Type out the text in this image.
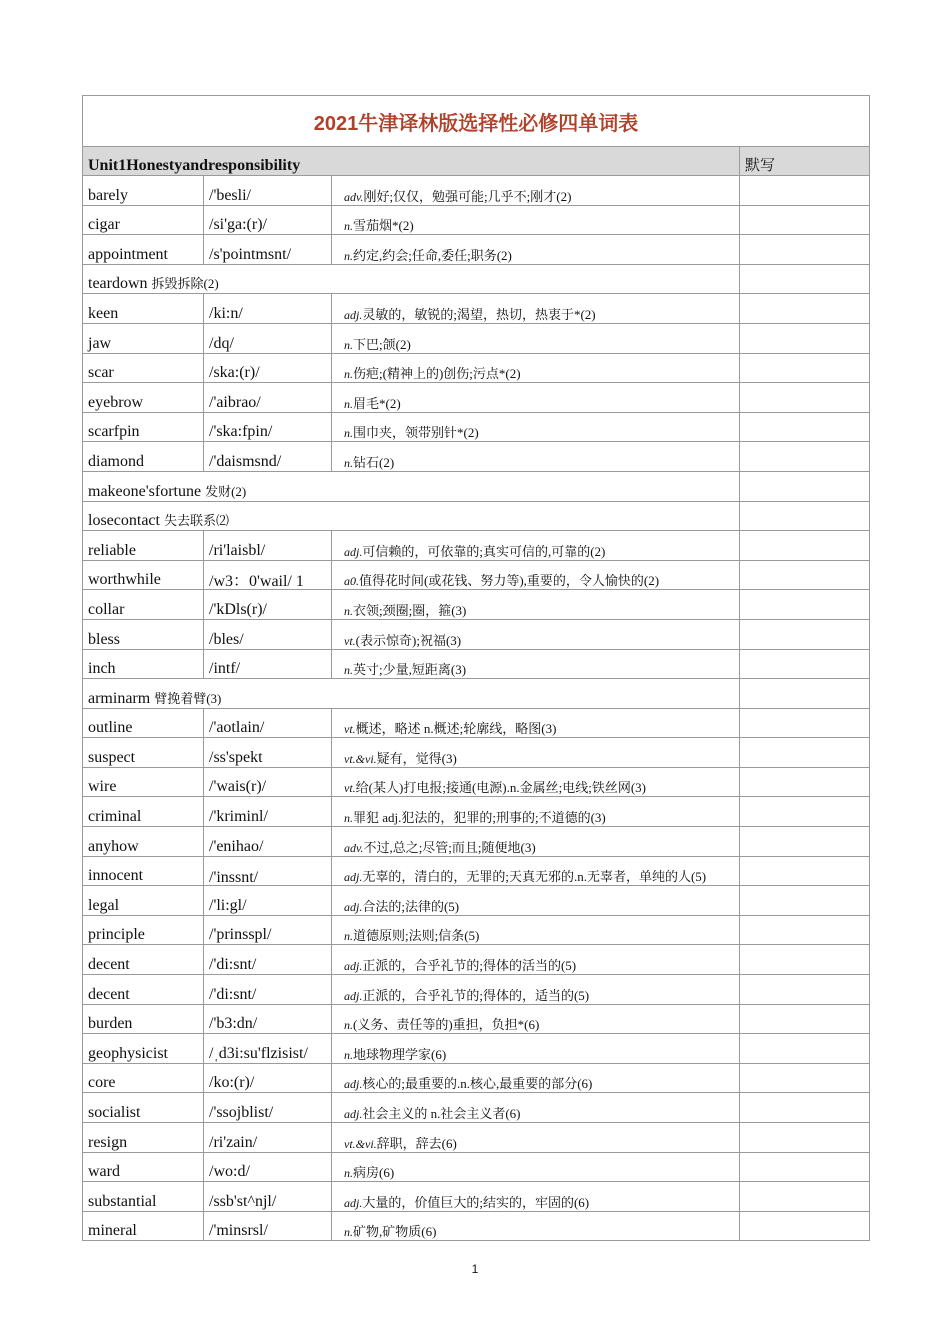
2021牛津译林版选择性必修四单词表			
Unit1Honestyandresponsibility			默写
barely	/'besli/	adv.刚好;仅仅，勉强可能;几乎不;刚才(2)	
cigar	/si'ga:(r)/	n.雪茄烟*(2)	
appointment	/s'pointmsnt/	n.约定,约会;任命,委任;职务(2)	
teardown 拆毁拆除(2)			
keen	/ki:n/	adj.灵敏的，敏锐的;渴望，热切，热衷于*(2)	
jaw	/dq/	n.下巴;颌(2)	
scar	/ska:(r)/	n.伤疤;(精神上的)创伤;污点*(2)	
eyebrow	/'aibrao/	n.眉毛*(2)	
scarfpin	/'ska:fpin/	n.围巾夹，领带别针*(2)	
diamond	/'daismsnd/	n.钻石(2)	
makeone'sfortune 发财(2)			
losecontact 失去联系⑵			
reliable	/ri'laisbl/	adj.可信赖的，可依靠的;真实可信的,可靠的(2)	
worthwhile	/w3：0'wail/ 1	a0.值得花时间(或花钱、努力等),重要的，令人愉快的(2)	

collar	/'kDls(r)/	n.衣领;颈圈;圈，箍(3)	
bless	/bles/	vt.(表示惊奇);祝福(3)	
inch	/intf/	n.英寸;少量,短距离(3)	
arminarm 臂挽着臂(3)			
outline	/'aotlain/	vt.概述，略述 n.概述;轮廓线，略图(3)	
suspect	/ss'spekt	vt.&vi.疑有，觉得(3)	
wire	/'wais(r)/	vt.给(某人)打电报;接通(电源).n.金属丝;电线;铁丝网(3)	
criminal	/'kriminl/	n.罪犯 adj.犯法的，犯罪的;刑事的;不道德的(3)	
anyhow	/'enihao/	adv.不过,总之;尽管;而且;随便地(3)	
innocent	/'inssnt/	adj.无辜的，清白的，无罪的;天真无邪的.n.无辜者，单纯的人(5)	

legal	/'li:gl/	adj.合法的;法律的(5)	
principle	/'prinsspl/	n.道德原则;法则;信条(5)	
decent	/'di:snt/	adj.正派的，合乎礼节的;得体的活当的(5)	
decent	/'di:snt/	adj.正派的，合乎礼节的;得体的，适当的(5)	
burden	/'b3:dn/	n.(义务、责任等的)重担，负担*(6)	
geophysicist	/ˌd3i:su'flzisist/	n.地球物理学家(6)	
core	/ko:(r)/	adj.核心的;最重要的.n.核心,最重要的部分(6)	
socialist	/'ssojblist/	adj.社会主义的 n.社会主义者(6)	
resign	/ri'zain/	vt.&vi.辞职，辞去(6)	
ward	/wo:d/	n.病房(6)	
substantial	/ssb'st^njl/	adj.大量的，价值巨大的;结实的，牢固的(6)	
mineral	/'minsrsl/	n.矿物,矿物质(6)	
1
